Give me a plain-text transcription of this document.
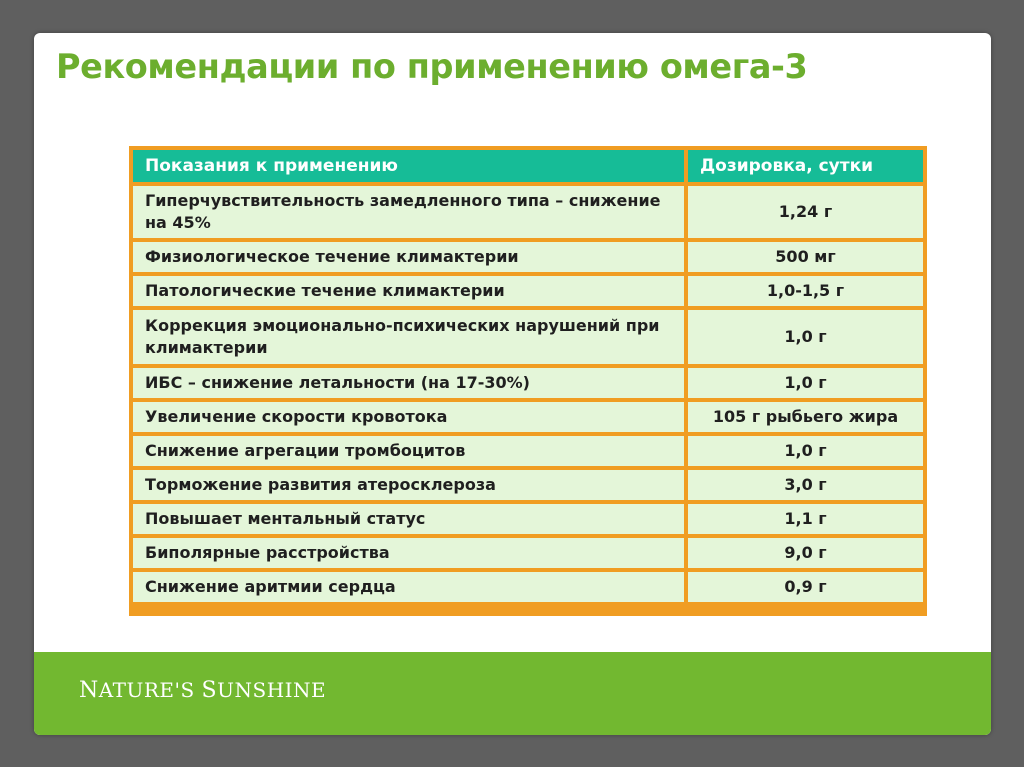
Рекомендации по применению омега-3
Показания к применению	Дозировка, сутки
Гиперчувствительность замедленного типа – снижение на 45%	1,24 г
Физиологическое течение климактерии	500 мг
Патологические течение климактерии	1,0-1,5 г
Коррекция эмоционально-психических нарушений при климактерии	1,0 г
ИБС – снижение летальности (на 17-30%)	1,0 г
Увеличение скорости кровотока	105 г рыбьего жира
Снижение агрегации тромбоцитов	1,0 г
Торможение развития атеросклероза	3,0 г
Повышает ментальный статус	1,1 г
Биполярные расстройства	9,0 г
Снижение аритмии сердца	0,9 г
NATURE'S SUNSHINE
